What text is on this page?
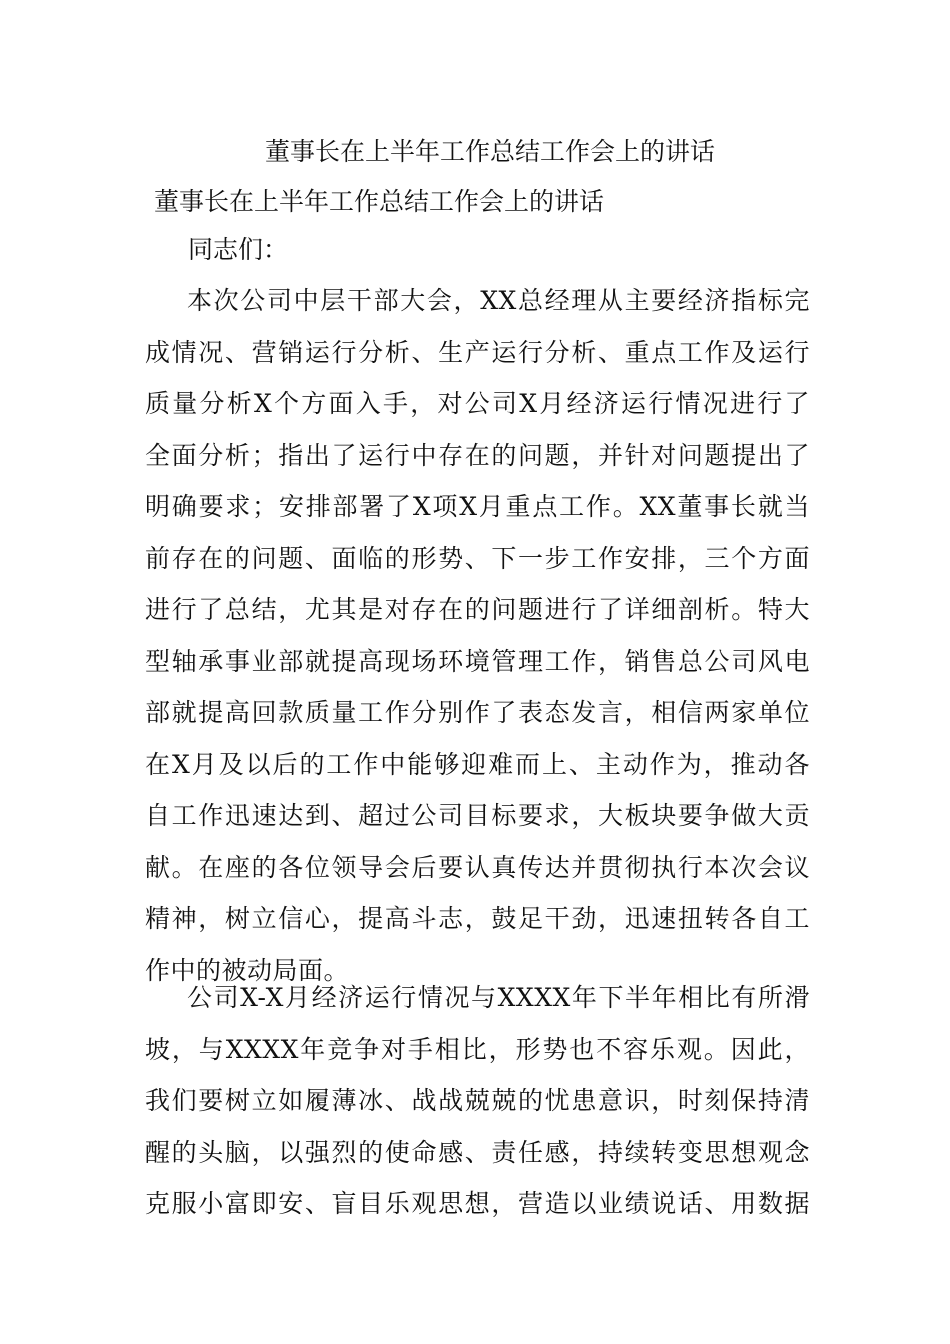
董事长在上半年工作总结工作会上的讲话
董事长在上半年工作总结工作会上的讲话
同志们：
本次公司中层干部大会，XX总经理从主要经济指标完
成情况、营销运行分析、生产运行分析、重点工作及运行
质量分析X个方面入手，对公司X月经济运行情况进行了
全面分析；指出了运行中存在的问题，并针对问题提出了
明确要求；安排部署了X项X月重点工作。XX董事长就当
前存在的问题、面临的形势、下一步工作安排，三个方面
进行了总结，尤其是对存在的问题进行了详细剖析。特大
型轴承事业部就提高现场环境管理工作，销售总公司风电
部就提高回款质量工作分别作了表态发言，相信两家单位
在X月及以后的工作中能够迎难而上、主动作为，推动各
自工作迅速达到、超过公司目标要求，大板块要争做大贡
献。在座的各位领导会后要认真传达并贯彻执行本次会议
精神，树立信心，提高斗志，鼓足干劲，迅速扭转各自工
作中的被动局面。
公司X-X月经济运行情况与XXXX年下半年相比有所滑
坡，与XXXX年竞争对手相比，形势也不容乐观。因此，
我们要树立如履薄冰、战战兢兢的忧患意识，时刻保持清
醒的头脑，以强烈的使命感、责任感，持续转变思想观念
克服小富即安、盲目乐观思想，营造以业绩说话、用数据
